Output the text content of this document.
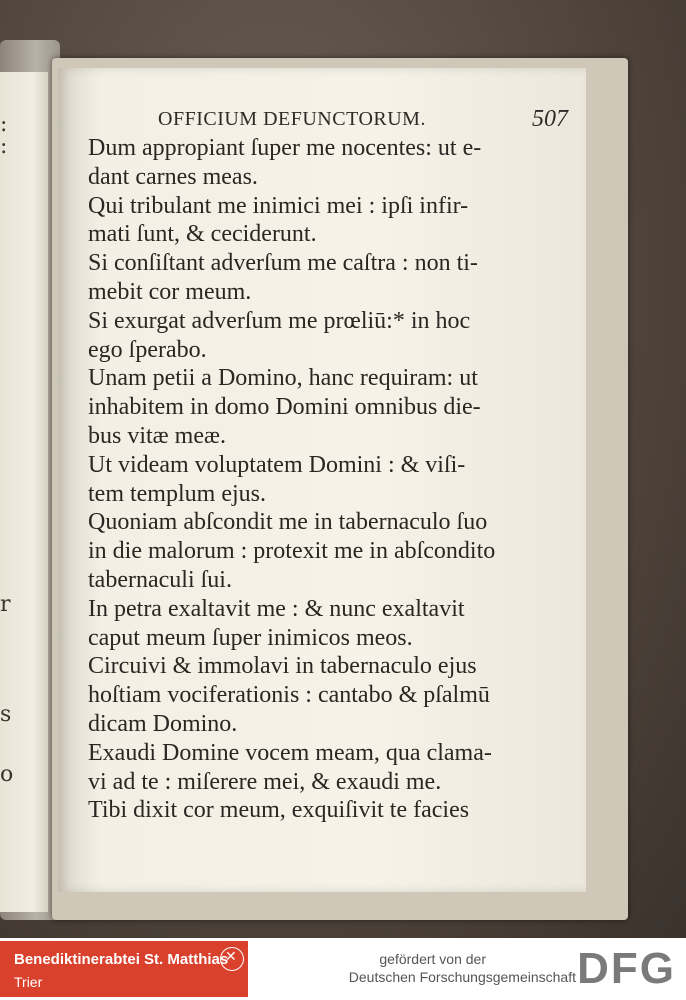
:
:
r
s
o
OFFICIUM DEFUNCTORUM.	507
Dum appropiant ſuper me nocentes: ut e-
dant carnes meas.
Qui tribulant me inimici mei : ipſi infir-
mati ſunt, & ceciderunt.
Si conſiſtant adverſum me caſtra : non ti-
mebit cor meum.
Si exurgat adverſum me prœliū:* in hoc
ego ſperabo.
Unam petii a Domino, hanc requiram: ut
inhabitem in domo Domini omnibus die-
bus vitæ meæ.
Ut videam voluptatem Domini : & viſi-
tem templum ejus.
Quoniam abſcondit me in tabernaculo ſuo
in die malorum : protexit me in abſcondito
tabernaculi ſui.
In petra exaltavit me : & nunc exaltavit
caput meum ſuper inimicos meos.
Circuivi & immolavi in tabernaculo ejus
hoſtiam vociferationis : cantabo & pſalmū
dicam Domino.
Exaudi Domine vocem meam, qua clama-
vi ad te : miſerere mei, & exaudi me.
Tibi dixit cor meum, exquiſivit te facies
Benediktinerabtei St. Matthias
Trier
✕
gefördert von der
Deutschen Forschungsgemeinschaft DFG
